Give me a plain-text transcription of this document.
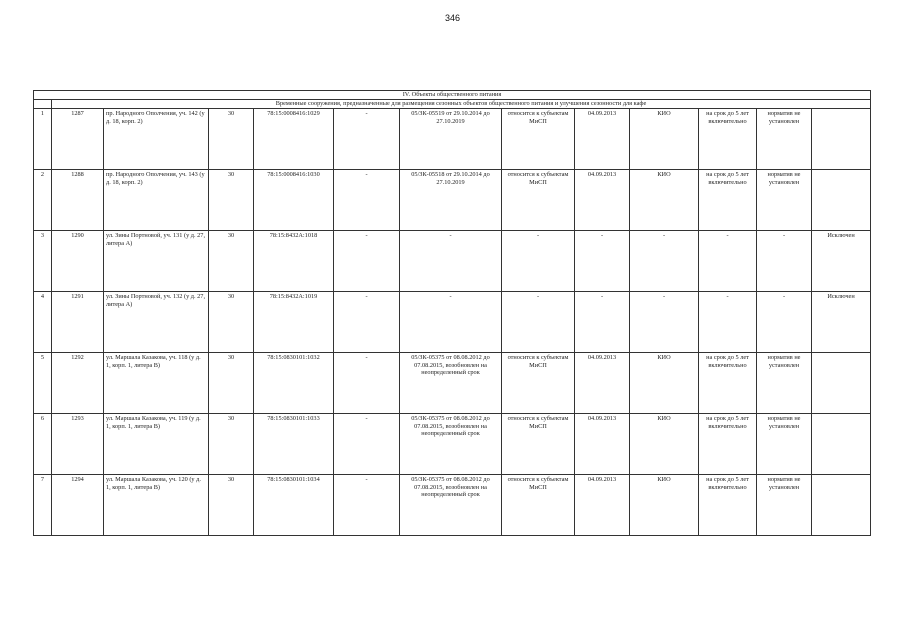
346
IV. Объекты общественного питания												
	Временные сооружения, предназначенные для размещения сезонных объектов общественного питания и улучшения сезонности для кафе											
1	1287	пр. Народного Ополчения, уч. 142 (у д. 18, корп. 2)	30	78:15:0008416:1029	-	05/ЗК-05519 от 29.10.2014 до 27.10.2019	относится к субъектам МиСП	04.09.2013	КИО	на срок до 5 лет включительно	норматив не установлен	
2	1288	пр. Народного Ополчения, уч. 143 (у д. 18, корп. 2)	30	78:15:0008416:1030	-	05/ЗК-05518 от 29.10.2014 до 27.10.2019	относится к субъектам МиСП	04.09.2013	КИО	на срок до 5 лет включительно	норматив не установлен	
3	1290	ул. Зины Портновой, уч. 131 (у д. 27, литера А)	30	78:15:8432А:1018	-	-	-	-	-	-	-	Исключен
4	1291	ул. Зины Портновой, уч. 132 (у д. 27, литера А)	30	78:15:8432А:1019	-	-	-	-	-	-	-	Исключен
5	1292	ул. Маршала Казакова, уч. 118 (у д. 1, корп. 1, литера В)	30	78:15:0830101:1032	-	05/ЗК-05375 от 08.08.2012 до 07.08.2015, возобновлен на неопределенный срок	относится к субъектам МиСП	04.09.2013	КИО	на срок до 5 лет включительно	норматив не установлен	
6	1293	ул. Маршала Казакова, уч. 119 (у д. 1, корп. 1, литера В)	30	78:15:0830101:1033	-	05/ЗК-05375 от 08.08.2012 до 07.08.2015, возобновлен на неопределенный срок	относится к субъектам МиСП	04.09.2013	КИО	на срок до 5 лет включительно	норматив не установлен	
7	1294	ул. Маршала Казакова, уч. 120 (у д. 1, корп. 1, литера В)	30	78:15:0830101:1034	-	05/ЗК-05375 от 08.08.2012 до 07.08.2015, возобновлен на неопределенный срок	относится к субъектам МиСП	04.09.2013	КИО	на срок до 5 лет включительно	норматив не установлен	
